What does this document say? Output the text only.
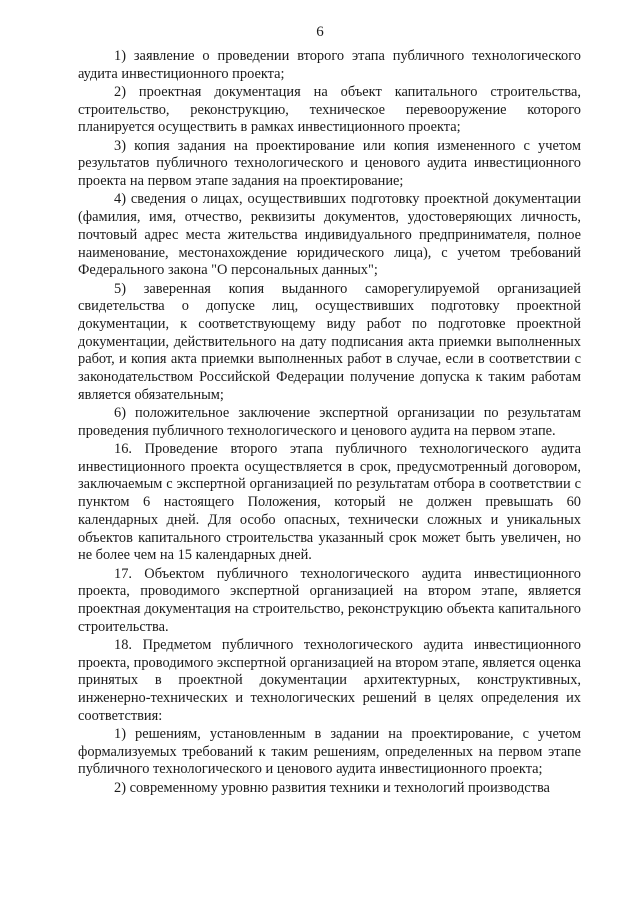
6

1) заявление о проведении второго этапа публичного технологического аудита инвестиционного проекта;

2) проектная документация на объект капитального строительства, строительство, реконструкцию, техническое перевооружение которого планируется осуществить в рамках инвестиционного проекта;

3) копия задания на проектирование или копия измененного с учетом результатов публичного технологического и ценового аудита инвестиционного проекта на первом этапе задания на проектирование;

4) сведения о лицах, осуществивших подготовку проектной документации (фамилия, имя, отчество, реквизиты документов, удостоверяющих личность, почтовый адрес места жительства индивидуального предпринимателя, полное наименование, местонахождение юридического лица), с учетом требований Федерального закона "О персональных данных";

5) заверенная копия выданного саморегулируемой организацией свидетельства о допуске лиц, осуществивших подготовку проектной документации, к соответствующему виду работ по подготовке проектной документации, действительного на дату подписания акта приемки выполненных работ, и копия акта приемки выполненных работ в случае, если в соответствии с законодательством Российской Федерации получение допуска к таким работам является обязательным;

6) положительное заключение экспертной организации по результатам проведения публичного технологического и ценового аудита на первом этапе.

16. Проведение второго этапа публичного технологического аудита инвестиционного проекта осуществляется в срок, предусмотренный договором, заключаемым с экспертной организацией по результатам отбора в соответствии с пунктом 6 настоящего Положения, который не должен превышать 60 календарных дней. Для особо опасных, технически сложных и уникальных объектов капитального строительства указанный срок может быть увеличен, но не более чем на 15 календарных дней.

17. Объектом публичного технологического аудита инвестиционного проекта, проводимого экспертной организацией на втором этапе, является проектная документация на строительство, реконструкцию объекта капитального строительства.

18. Предметом публичного технологического аудита инвестиционного проекта, проводимого экспертной организацией на втором этапе, является оценка принятых в проектной документации архитектурных, конструктивных, инженерно-технических и технологических решений в целях определения их соответствия:

1) решениям, установленным в задании на проектирование, с учетом формализуемых требований к таким решениям, определенных на первом этапе публичного технологического и ценового аудита инвестиционного проекта;

2) современному уровню развития техники и технологий производства
